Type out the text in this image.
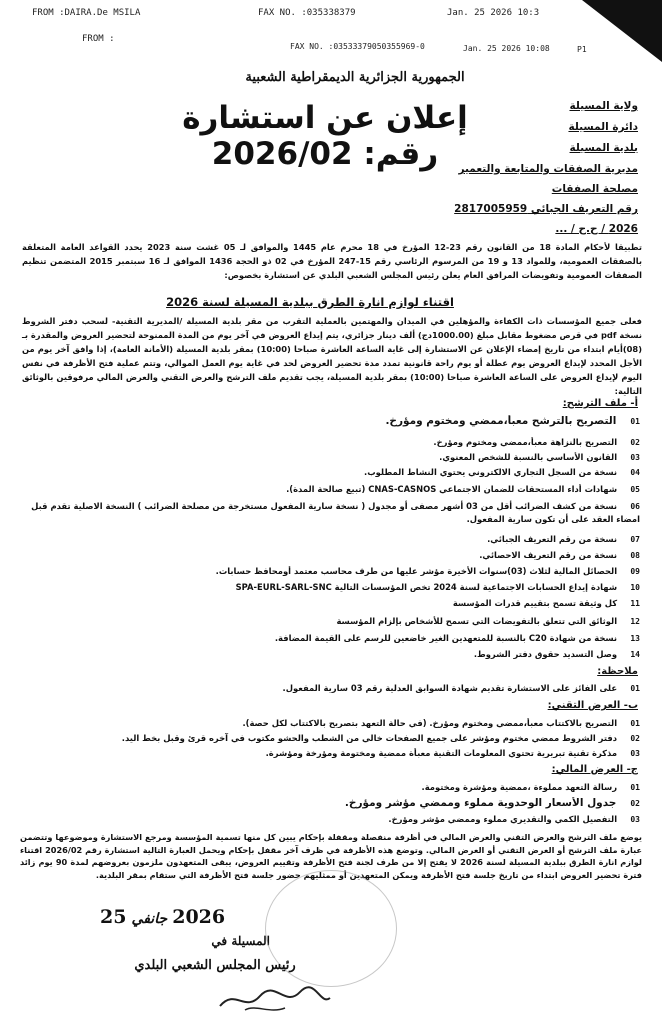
FROM :DAIRA.De MSILA	FAX NO. :035338379	Jan. 25 2026 10:3
FROM :
FAX NO. :03533379050355969-0	Jan. 25 2026 10:08	P1
الجمهورية الجزائرية الديمقراطية الشعبية
إعلان عن استشارة رقم: 2026/02
ولاية المسيلة
دائرة المسيلة
بلدية المسيلة
مديرية الصفقات والمتابعة والتعمير
مصلحة الصفقات
رقم التعريف الجبائي 2817005959
2026 / ح.ح / ...
تطبيقا لأحكام المادة 18 من القانون رقم 23-12 المؤرخ في 18 محرم عام 1445 والموافق لـ 05 غشت سنة 2023 يحدد القواعد العامة المتعلقة بالصفقات العمومية، وللمواد 13 و 19 من المرسوم الرئاسي رقم 15-247 المؤرخ في 02 ذو الحجة 1436 الموافق لـ 16 سبتمبر 2015 المتضمن تنظيم الصفقات العمومية وتفويضات المرافق العام يعلن رئيس المجلس الشعبي البلدي عن استشارة بخصوص:
اقتناء لوازم انارة الطرق ببلدية المسيلة لسنة 2026
فعلى جميع المؤسسات ذات الكفاءة والمؤهلين في الميدان والمهتمين بالعملية التقرب من مقر بلدية المسيلة /المديرية التقنية- لسحب دفتر الشروط نسخة pdf في قرص مضغوط مقابل مبلغ (1000.00دج) ألف دينار جزائري، يتم إيداع العروض في آخر يوم من المدة الممنوحة لتحضير العروض والمقدرة بـ (08)أيام ابتداء من تاريخ إمضاء الإعلان عن الاستشارة إلى غاية الساعة العاشرة صباحا (10:00) بمقر بلدية المسيلة (الأمانة العامة)، إذا وافق آخر يوم من الأجل المحدد لإيداع العروض يوم عطلة أو يوم راحة قانونية تمدد مدة تحضير العروض لحد في غاية يوم العمل الموالي، وتتم عملية فتح الأظرفة في نفس اليوم لإيداع العروض على الساعة العاشرة صباحا (10:00) بمقر بلدية المسيلة، يجب تقديم ملف الترشح والعرض التقني والعرض المالي مرفوقين بالوثائق التالية:
أ- ملف الترشح:
01 التصريح بالترشح معبأ،ممضي ومختوم ومؤرخ.
02 التصريح بالنزاهة معبأ،ممضي ومختوم ومؤرخ.
03 القانون الأساسي بالنسبة للشخص المعنوي.
04 نسخة من السجل التجاري الالكتروني يحتوي النشاط المطلوب.
05 شهادات أداء المستحقات للضمان الاجتماعي CNAS-CASNOS (تبيع صالحة المدة).
06 نسخة من كشف الضرائب أقل من 03 أشهر مصفى أو مجدول ( نسخة سارية المفعول مستخرجة من مصلحة الضرائب ) النسخة الاصلية تقدم قبل امضاء العقد على أن تكون سارية المفعول.
07 نسخة من رقم التعريف الجبائي.
08 نسخة من رقم التعريف الاحصائي.
09 الحصائل المالية لثلاث (03)سنوات الأخيرة مؤشر عليها من طرف محاسب معتمد أومحافظ حسابات.
10 شهادة إيداع الحسابات الاجتماعية لسنة 2024 تخص المؤسسات التالية SPA-EURL-SARL-SNC
11 كل وثيقة تسمح بتقييم قدرات المؤسسة
12 الوثائق التي تتعلق بالتفويضات التي تسمح للأشخاص بإلزام المؤسسة
13 نسخة من شهادة C20 بالنسبة للمتعهدين الغير خاضعين للرسم على القيمة المضافة.
14 وصل التسديد حقوق دفتر الشروط.
ملاحظة:
01 على الفائز على الاستشارة تقديم شهادة السوابق العدلية رقم 03 سارية المفعول.
ب- العرض التقني:
01 التصريح بالاكتتاب معبأ،ممضي ومختوم ومؤرخ. (في حالة التعهد بتصريح بالاكتتاب لكل حصة).
02 دفتر الشروط ممضي مختوم ومؤشر على جميع الصفحات خالي من الشطب والحشو مكتوب في آخره قرئ وقبل بخط اليد.
03 مذكرة تقنية تبريرية تحتوي المعلومات التقنية معبأة ممضية ومختومة ومؤرخة ومؤشرة.
ج- العرض المالي:
01 رسالة التعهد مملوءة ،ممضية ومؤشرة ومختومة.
02 جدول الأسعار الوحدوية مملوء وممضي مؤشر ومؤرخ.
03 التفصيل الكمي والتقديري مملوء وممضي مؤشر ومؤرخ.
يوضع ملف الترشح والعرض التقني والعرض المالي في أظرفة منفصلة ومقفلة بإحكام يبين كل منها تسمية المؤسسة ومرجع الاستشارة وموضوعها وتتضمن عبارة ملف الترشح أو العرض التقني أو العرض المالي. وتوضع هذه الأظرفة في ظرف آخر مقفل بإحكام ويحمل العبارة التالية استشارة رقم 2026/02 اقتناء لوازم انارة الطرق ببلدية المسيلة لسنة 2026 لا يفتح إلا من طرف لجنة فتح الأظرفة وتقييم العروض، يبقى المتعهدون ملزمون بعروضهم لمدة 90 يوم زائد فترة تحضير العروض ابتداء من تاريخ جلسة فتح الأظرفة ويمكن المتعهدين أو ممثليهم حضور جلسة فتح الأظرفة التي ستقام بمقر البلدية.
2026 جانفي 25
المسيلة في
رئيس المجلس الشعبي البلدي
